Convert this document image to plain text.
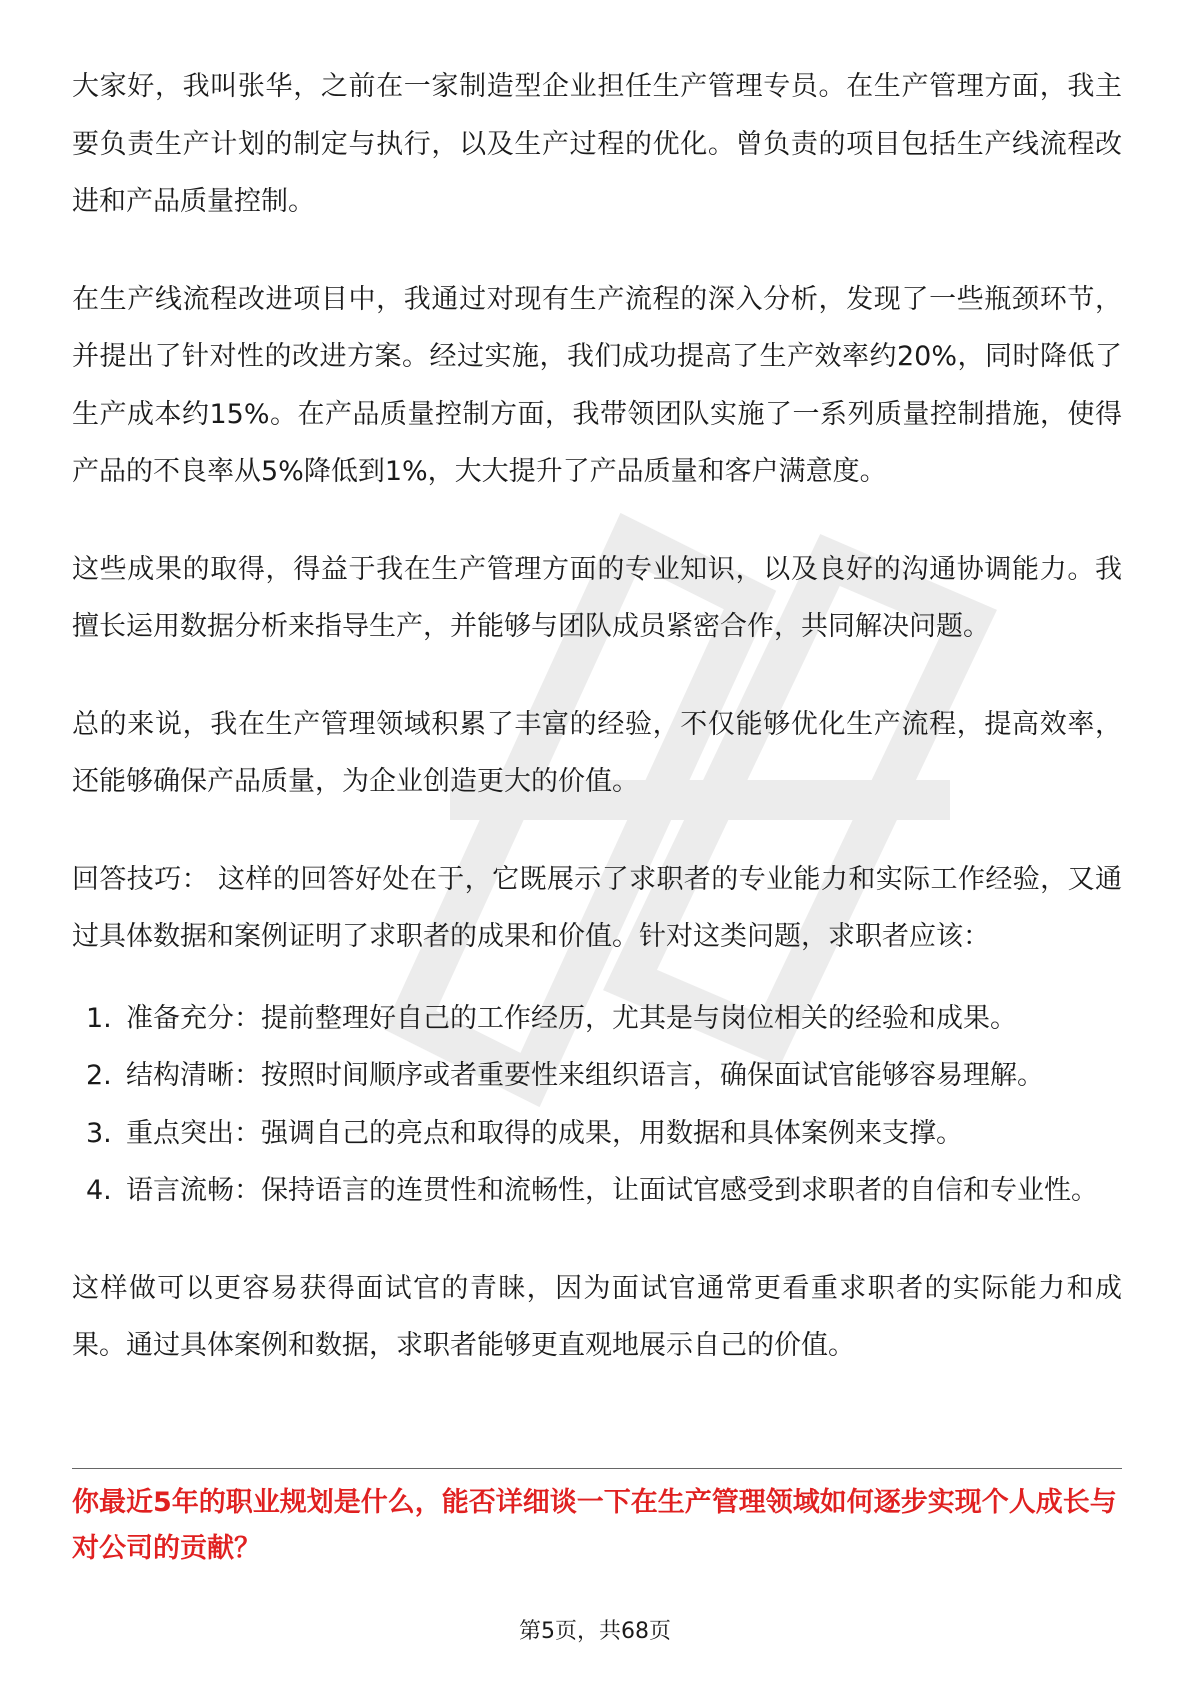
大家好，我叫张华，之前在一家制造型企业担任生产管理专员。在生产管理方面，我主要负责生产计划的制定与执行，以及生产过程的优化。曾负责的项目包括生产线流程改进和产品质量控制。

在生产线流程改进项目中，我通过对现有生产流程的深入分析，发现了一些瓶颈环节，并提出了针对性的改进方案。经过实施，我们成功提高了生产效率约20%，同时降低了生产成本约15%。在产品质量控制方面，我带领团队实施了一系列质量控制措施，使得产品的不良率从5%降低到1%，大大提升了产品质量和客户满意度。

这些成果的取得，得益于我在生产管理方面的专业知识，以及良好的沟通协调能力。我擅长运用数据分析来指导生产，并能够与团队成员紧密合作，共同解决问题。

总的来说，我在生产管理领域积累了丰富的经验，不仅能够优化生产流程，提高效率，还能够确保产品质量，为企业创造更大的价值。

回答技巧： 这样的回答好处在于，它既展示了求职者的专业能力和实际工作经验，又通过具体数据和案例证明了求职者的成果和价值。针对这类问题，求职者应该：

1. 准备充分：提前整理好自己的工作经历，尤其是与岗位相关的经验和成果。
2. 结构清晰：按照时间顺序或者重要性来组织语言，确保面试官能够容易理解。
3. 重点突出：强调自己的亮点和取得的成果，用数据和具体案例来支撑。
4. 语言流畅：保持语言的连贯性和流畅性，让面试官感受到求职者的自信和专业性。

这样做可以更容易获得面试官的青睐，因为面试官通常更看重求职者的实际能力和成果。通过具体案例和数据，求职者能够更直观地展示自己的价值。

你最近5年的职业规划是什么，能否详细谈一下在生产管理领域如何逐步实现个人成长与对公司的贡献？
第5页，共68页
